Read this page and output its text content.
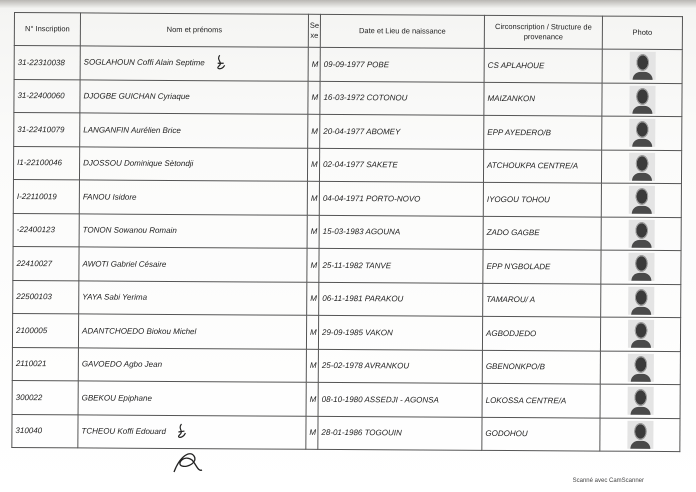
N° Inscription	Nom et prénoms	Se xe	Date et Lieu de naissance	Circonscription / Structure de provenance	Photo
31-22310038	SOGLAHOUN Coffi Alain Septime	M	09-09-1977 POBE	CS APLAHOUE	
31-22400060	DJOGBE GUICHAN Cyriaque	M	16-03-1972 COTONOU	MAIZANKON	
31-22410079	LANGANFIN Aurélien Brice	M	20-04-1977 ABOMEY	EPP AYEDERO/B	
I1-22100046	DJOSSOU Dominique Sètondji	M	02-04-1977 SAKETE	ATCHOUKPA CENTRE/A	
I-22110019	FANOU Isidore	M	04-04-1971 PORTO-NOVO	IYOGOU TOHOU	
-22400123	TONON Sowanou Romain	M	15-03-1983 AGOUNA	ZADO GAGBE	
22410027	AWOTI Gabriel Césaire	M	25-11-1982 TANVE	EPP N'GBOLADE	
22500103	YAYA Sabi Yerima	M	06-11-1981 PARAKOU	TAMAROU/ A	
2100005	ADANTCHOEDO Biokou Michel	M	29-09-1985 VAKON	AGBODJEDO	
2110021	GAVOEDO Agbo Jean	M	25-02-1978 AVRANKOU	GBENONKPO/B	
300022	GBEKOU Epiphane	M	08-10-1980 ASSEDJI - AGONSA	LOKOSSA CENTRE/A	
310040	TCHEOU Koffi Edouard	M	28-01-1986 TOGOUIN	GODOHOU	
Scanné avec CamScanner
